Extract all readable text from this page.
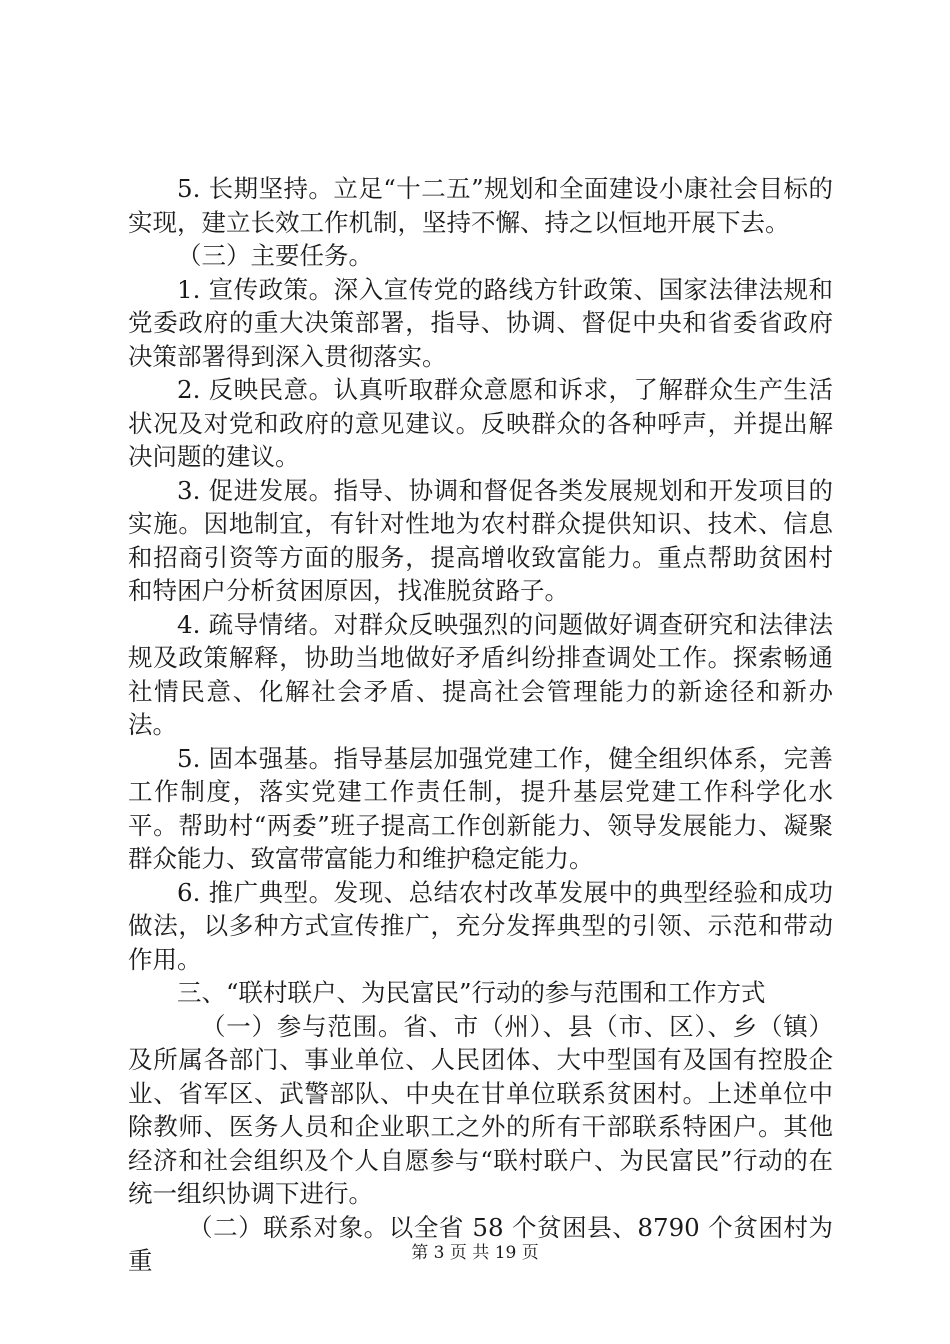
5. 长期坚持。立足“十二五”规划和全面建设小康社会目标的实现，建立长效工作机制，坚持不懈、持之以恒地开展下去。

（三）主要任务。

1. 宣传政策。深入宣传党的路线方针政策、国家法律法规和党委政府的重大决策部署，指导、协调、督促中央和省委省政府决策部署得到深入贯彻落实。

2. 反映民意。认真听取群众意愿和诉求，了解群众生产生活状况及对党和政府的意见建议。反映群众的各种呼声，并提出解决问题的建议。

3. 促进发展。指导、协调和督促各类发展规划和开发项目的实施。因地制宜，有针对性地为农村群众提供知识、技术、信息和招商引资等方面的服务，提高增收致富能力。重点帮助贫困村和特困户分析贫困原因，找准脱贫路子。

4. 疏导情绪。对群众反映强烈的问题做好调查研究和法律法规及政策解释，协助当地做好矛盾纠纷排查调处工作。探索畅通社情民意、化解社会矛盾、提高社会管理能力的新途径和新办法。

5. 固本强基。指导基层加强党建工作，健全组织体系，完善工作制度，落实党建工作责任制，提升基层党建工作科学化水平。帮助村“两委”班子提高工作创新能力、领导发展能力、凝聚群众能力、致富带富能力和维护稳定能力。

6. 推广典型。发现、总结农村改革发展中的典型经验和成功做法，以多种方式宣传推广，充分发挥典型的引领、示范和带动作用。

三、“联村联户、为民富民”行动的参与范围和工作方式

（一）参与范围。省、市（州）、县（市、区）、乡（镇）及所属各部门、事业单位、人民团体、大中型国有及国有控股企业、省军区、武警部队、中央在甘单位联系贫困村。上述单位中除教师、医务人员和企业职工之外的所有干部联系特困户。其他经济和社会组织及个人自愿参与“联村联户、为民富民”行动的在统一组织协调下进行。

（二）联系对象。以全省 58 个贫困县、8790 个贫困村为重	第 3 页 共 19 页
